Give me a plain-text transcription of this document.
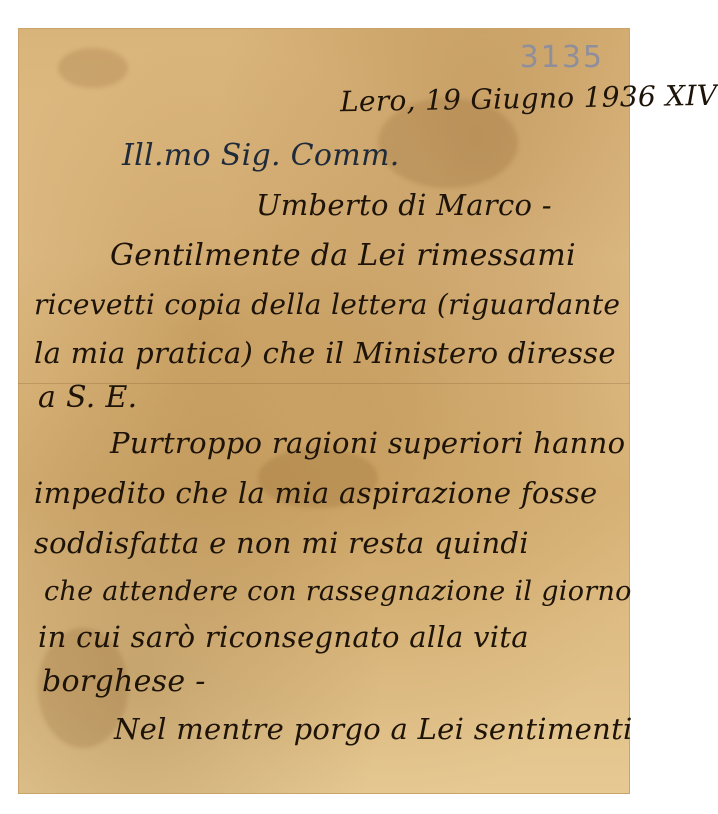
3135
Lero, 19 Giugno 1936 XIV
Ill.mo Sig. Comm.
Umberto di Marco -
Gentilmente da Lei rimessami
ricevetti copia della lettera (riguardante
la mia pratica) che il Ministero diresse
a S. E.
Purtroppo ragioni superiori hanno
impedito che la mia aspirazione fosse
soddisfatta e non mi resta quindi
che attendere con rassegnazione il giorno
in cui sarò riconsegnato alla vita
borghese -
Nel mentre porgo a Lei sentimenti
